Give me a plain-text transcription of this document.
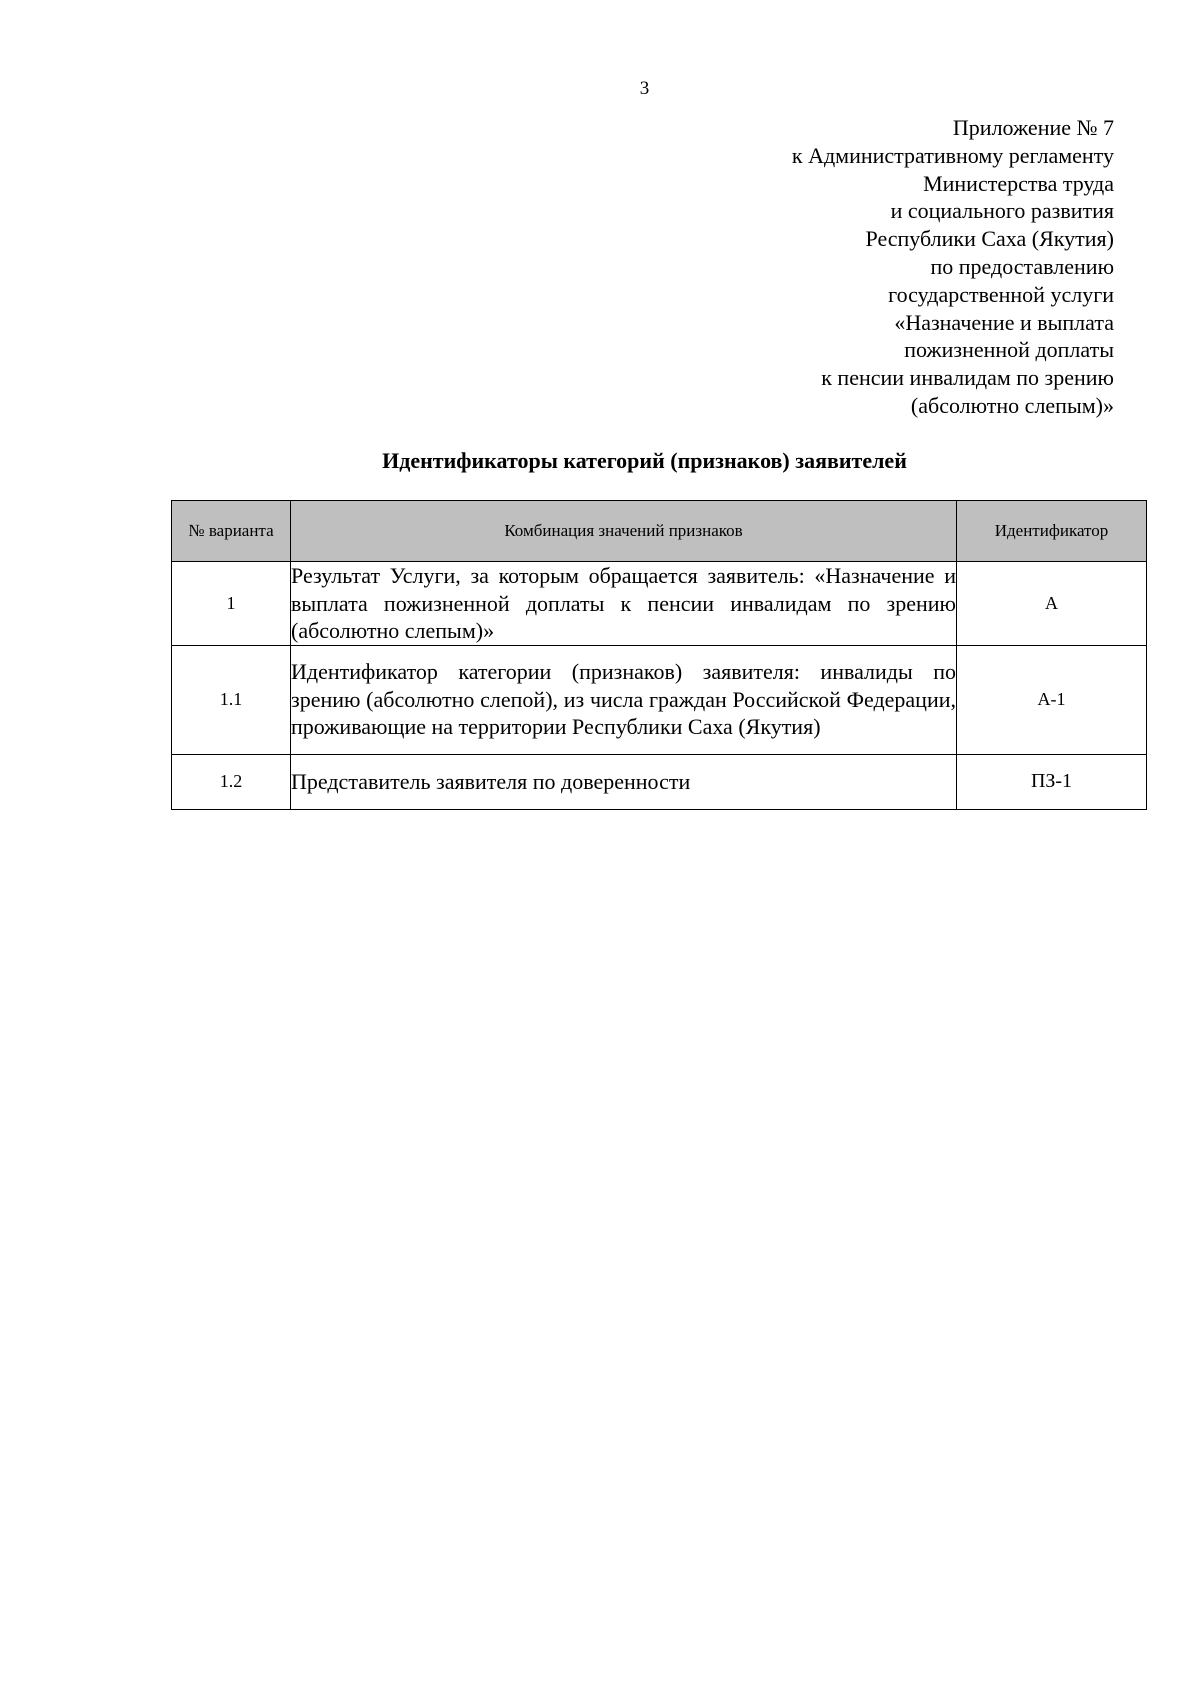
3
Приложение № 7
к Административному регламенту
Министерства труда
и социального развития
Республики Саха (Якутия)
по предоставлению
государственной услуги
«Назначение и выплата
пожизненной доплаты
к пенсии инвалидам по зрению
(абсолютно слепым)»
Идентификаторы категорий (признаков) заявителей
№ варианта	Комбинация значений признаков	Идентификатор
1	Результат Услуги, за которым обращается заявитель: «Назначение и выплата пожизненной доплаты к пенсии инвалидам по зрению (абсолютно слепым)»	А
1.1	Идентификатор категории (признаков) заявителя: инвалиды по зрению (абсолютно слепой), из числа граждан Российской Федерации, проживающие на территории Республики Саха (Якутия)	А-1
1.2	Представитель заявителя по доверенности	ПЗ-1
